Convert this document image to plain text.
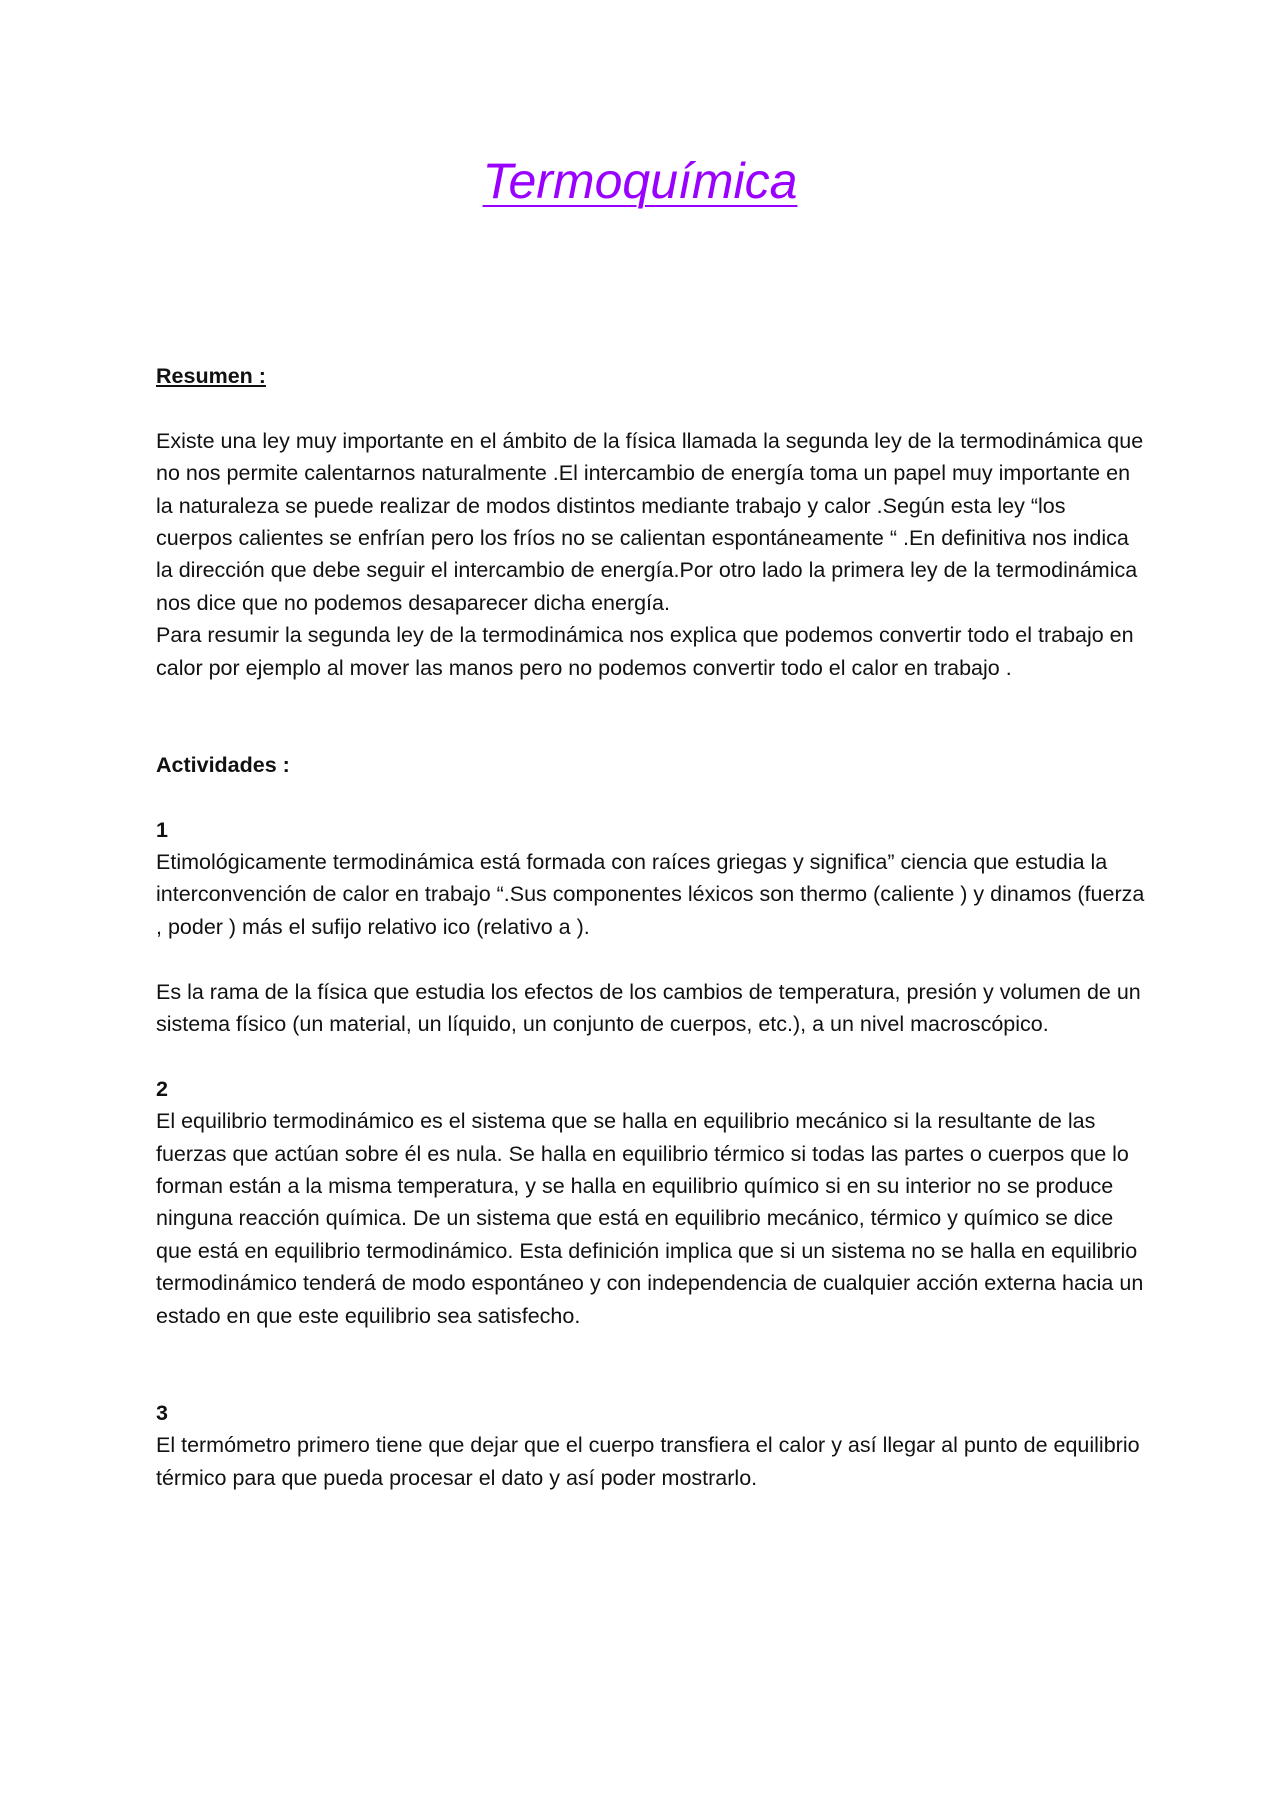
Termoquímica

Resumen :

Existe una ley muy importante en el ámbito de la física llamada la segunda ley de la termodinámica que no nos permite calentarnos naturalmente .El intercambio de energía toma un papel muy importante en la naturaleza se puede realizar de modos distintos mediante trabajo y calor .Según esta ley “los cuerpos calientes se enfrían pero los fríos no se calientan espontáneamente “ .En definitiva nos indica la dirección que debe seguir el intercambio de energía.Por otro lado la primera ley de la termodinámica nos dice que no podemos desaparecer dicha energía.

Para resumir la segunda ley de la termodinámica nos explica que podemos convertir todo el trabajo en calor por ejemplo al mover las manos pero no podemos convertir todo el calor en trabajo .

Actividades :

1

Etimológicamente termodinámica está formada con raíces griegas y significa” ciencia que estudia la interconvención de calor en trabajo “.Sus componentes léxicos son thermo (caliente ) y dinamos (fuerza , poder ) más el sufijo relativo ico (relativo a ).

Es la rama de la física que estudia los efectos de los cambios de temperatura, presión y volumen de un sistema físico (un material, un líquido, un conjunto de cuerpos, etc.), a un nivel macroscópico.

2

El equilibrio termodinámico es el sistema que se halla en equilibrio mecánico si la resultante de las fuerzas que actúan sobre él es nula. Se halla en equilibrio térmico si todas las partes o cuerpos que lo forman están a la misma temperatura, y se halla en equilibrio químico si en su interior no se produce ninguna reacción química. De un sistema que está en equilibrio mecánico, térmico y químico se dice que está en equilibrio termodinámico. Esta definición implica que si un sistema no se halla en equilibrio termodinámico tenderá de modo espontáneo y con independencia de cualquier acción externa hacia un estado en que este equilibrio sea satisfecho.

3

El termómetro primero tiene que dejar que el cuerpo transfiera el calor y así llegar al punto de equilibrio térmico para que pueda procesar el dato y así poder mostrarlo.
